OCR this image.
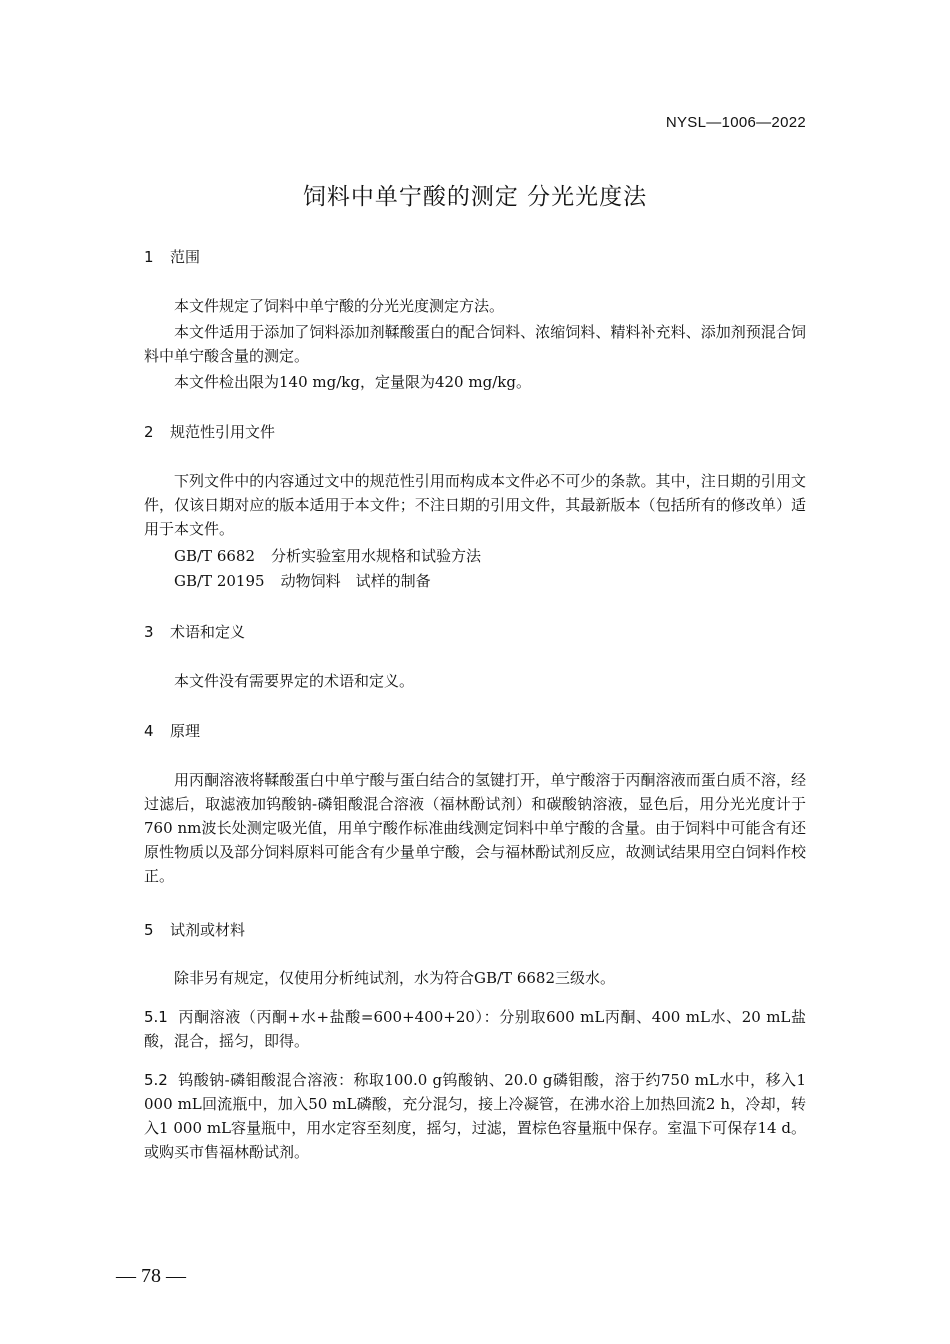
NYSL—1006—2022
饲料中单宁酸的测定 分光光度法
1 范围
本文件规定了饲料中单宁酸的分光光度测定方法。
本文件适用于添加了饲料添加剂鞣酸蛋白的配合饲料、浓缩饲料、精料补充料、添加剂预混合饲料中单宁酸含量的测定。
本文件检出限为140 mg/kg，定量限为420 mg/kg。
2 规范性引用文件
下列文件中的内容通过文中的规范性引用而构成本文件必不可少的条款。其中，注日期的引用文件，仅该日期对应的版本适用于本文件；不注日期的引用文件，其最新版本（包括所有的修改单）适用于本文件。
GB/T 6682 分析实验室用水规格和试验方法
GB/T 20195 动物饲料　试样的制备
3 术语和定义
本文件没有需要界定的术语和定义。
4 原理
用丙酮溶液将鞣酸蛋白中单宁酸与蛋白结合的氢键打开，单宁酸溶于丙酮溶液而蛋白质不溶，经过滤后，取滤液加钨酸钠-磷钼酸混合溶液（福林酚试剂）和碳酸钠溶液，显色后，用分光光度计于760 nm波长处测定吸光值，用单宁酸作标准曲线测定饲料中单宁酸的含量。由于饲料中可能含有还原性物质以及部分饲料原料可能含有少量单宁酸，会与福林酚试剂反应，故测试结果用空白饲料作校正。
5 试剂或材料
除非另有规定，仅使用分析纯试剂，水为符合GB/T 6682三级水。
5.1 丙酮溶液（丙酮+水+盐酸=600+400+20）：分别取600 mL丙酮、400 mL水、20 mL盐酸，混合，摇匀，即得。
5.2 钨酸钠-磷钼酸混合溶液：称取100.0 g钨酸钠、20.0 g磷钼酸，溶于约750 mL水中，移入1 000 mL回流瓶中，加入50 mL磷酸，充分混匀，接上冷凝管，在沸水浴上加热回流2 h，冷却，转入1 000 mL容量瓶中，用水定容至刻度，摇匀，过滤，置棕色容量瓶中保存。室温下可保存14 d。或购买市售福林酚试剂。
— 78 —
